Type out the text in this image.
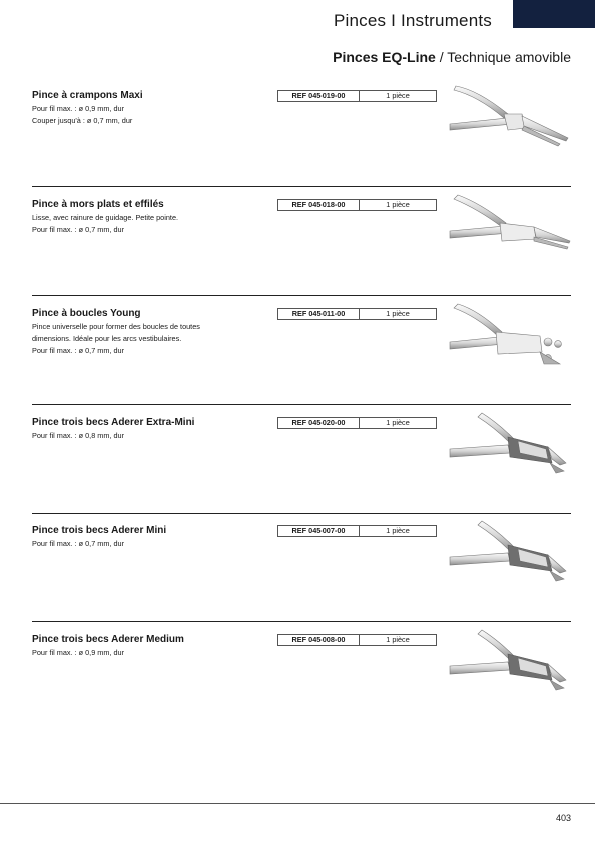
Pinces I Instruments
Pinces EQ-Line / Technique amovible
Pince à crampons Maxi
Pour fil max. : ø 0,9 mm, dur
Couper jusqu'à : ø 0,7 mm, dur
REF 045-019-00	1 pièce
Pince à mors plats et effilés
Lisse, avec rainure de guidage. Petite pointe.
Pour fil max. : ø 0,7 mm, dur
REF 045-018-00	1 pièce
Pince à boucles Young
Pince universelle pour former des boucles de toutes
dimensions. Idéale pour les arcs vestibulaires.
Pour fil max. : ø 0,7 mm, dur
REF 045-011-00	1 pièce
Pince trois becs Aderer Extra-Mini
Pour fil max. : ø 0,8 mm, dur
REF 045-020-00	1 pièce
Pince trois becs Aderer Mini
Pour fil max. : ø 0,7 mm, dur
REF 045-007-00	1 pièce
Pince trois becs Aderer Medium
Pour fil max. : ø 0,9 mm, dur
REF 045-008-00	1 pièce
403
